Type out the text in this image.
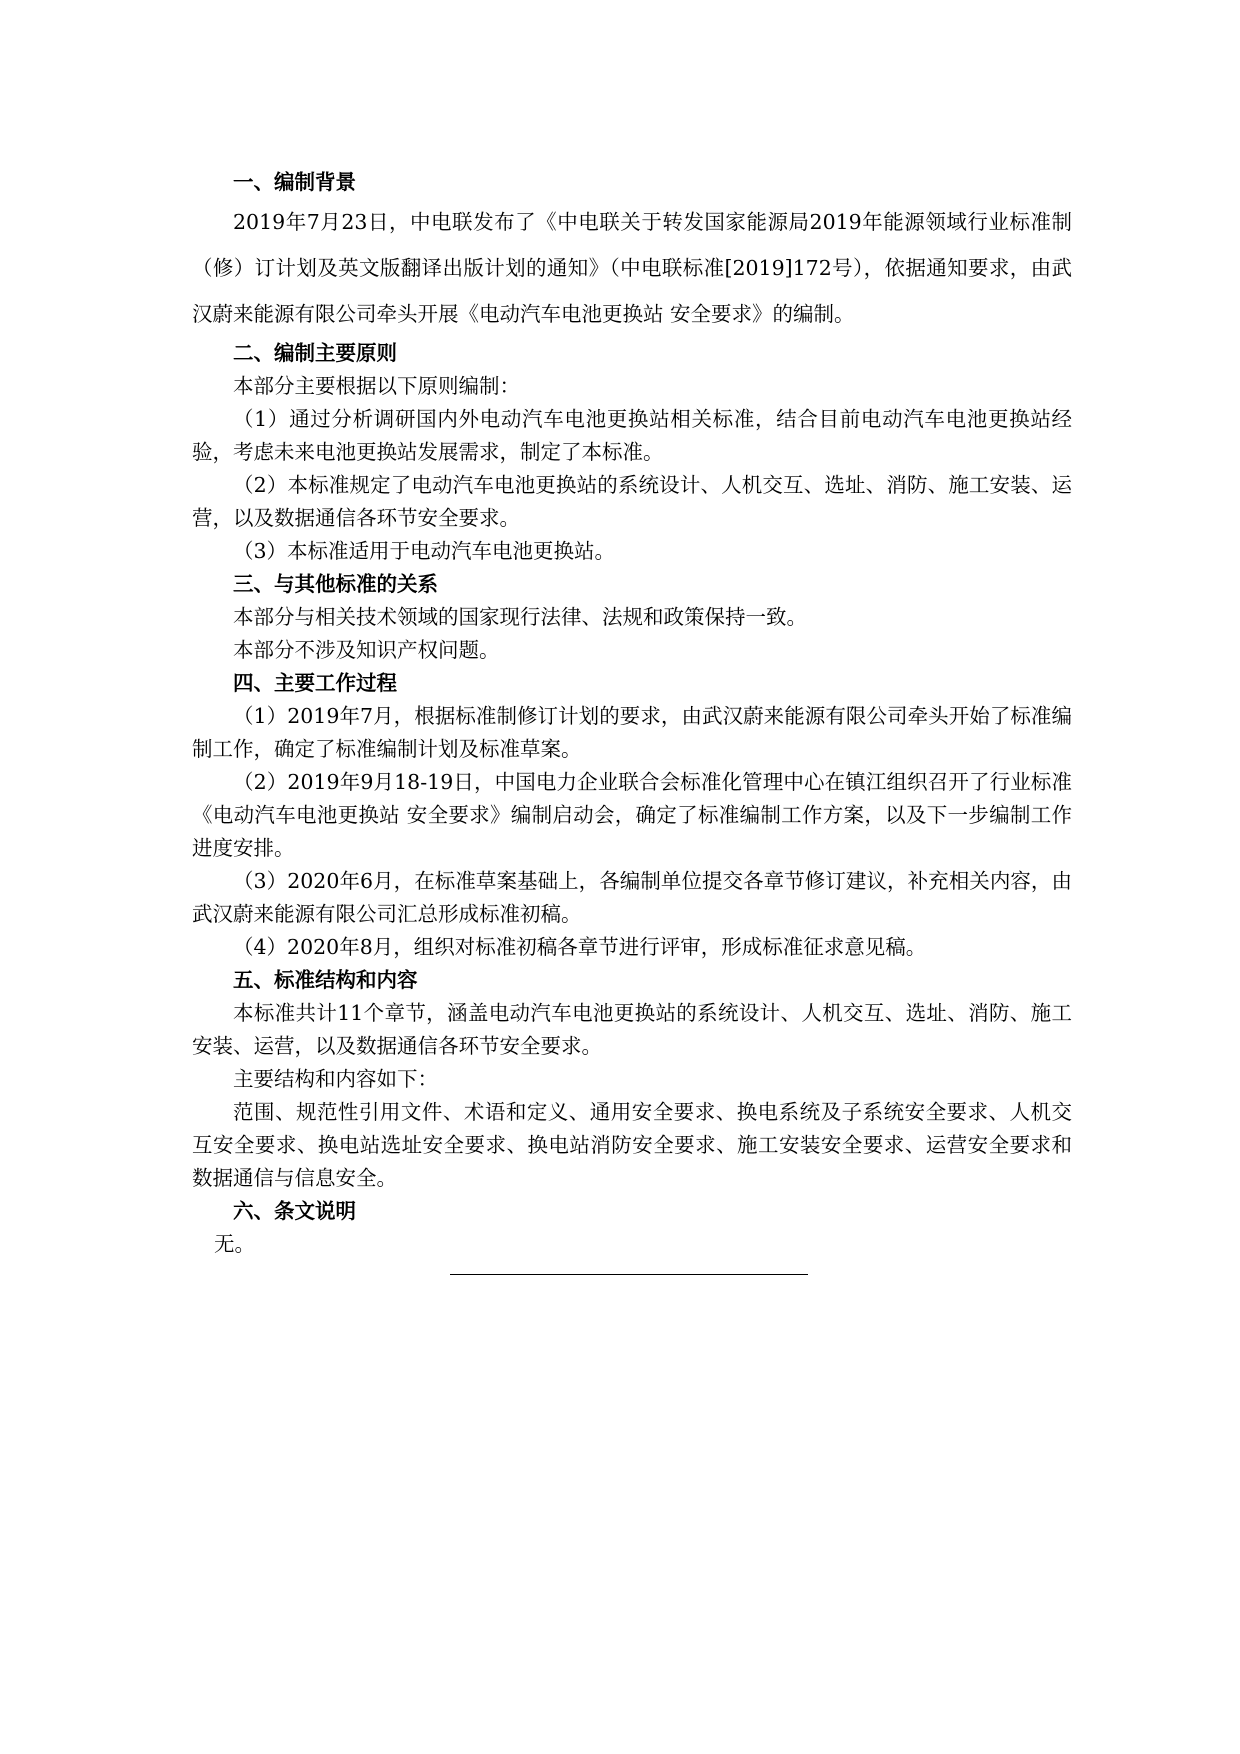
一、编制背景
2019年7月23日，中电联发布了《中电联关于转发国家能源局2019年能源领域行业标准制（修）订计划及英文版翻译出版计划的通知》（中电联标准[2019]172号），依据通知要求，由武汉蔚来能源有限公司牵头开展《电动汽车电池更换站 安全要求》的编制。
二、编制主要原则
本部分主要根据以下原则编制：
（1）通过分析调研国内外电动汽车电池更换站相关标准，结合目前电动汽车电池更换站经验，考虑未来电池更换站发展需求，制定了本标准。
（2）本标准规定了电动汽车电池更换站的系统设计、人机交互、选址、消防、施工安装、运营，以及数据通信各环节安全要求。
（3）本标准适用于电动汽车电池更换站。
三、与其他标准的关系
本部分与相关技术领域的国家现行法律、法规和政策保持一致。
本部分不涉及知识产权问题。
四、主要工作过程
（1）2019年7月，根据标准制修订计划的要求，由武汉蔚来能源有限公司牵头开始了标准编制工作，确定了标准编制计划及标准草案。
（2）2019年9月18-19日，中国电力企业联合会标准化管理中心在镇江组织召开了行业标准《电动汽车电池更换站 安全要求》编制启动会，确定了标准编制工作方案，以及下一步编制工作进度安排。
（3）2020年6月，在标准草案基础上，各编制单位提交各章节修订建议，补充相关内容，由武汉蔚来能源有限公司汇总形成标准初稿。
（4）2020年8月，组织对标准初稿各章节进行评审，形成标准征求意见稿。
五、标准结构和内容
本标准共计11个章节，涵盖电动汽车电池更换站的系统设计、人机交互、选址、消防、施工安装、运营，以及数据通信各环节安全要求。
主要结构和内容如下：
范围、规范性引用文件、术语和定义、通用安全要求、换电系统及子系统安全要求、人机交互安全要求、换电站选址安全要求、换电站消防安全要求、施工安装安全要求、运营安全要求和数据通信与信息安全。
六、条文说明
无。
